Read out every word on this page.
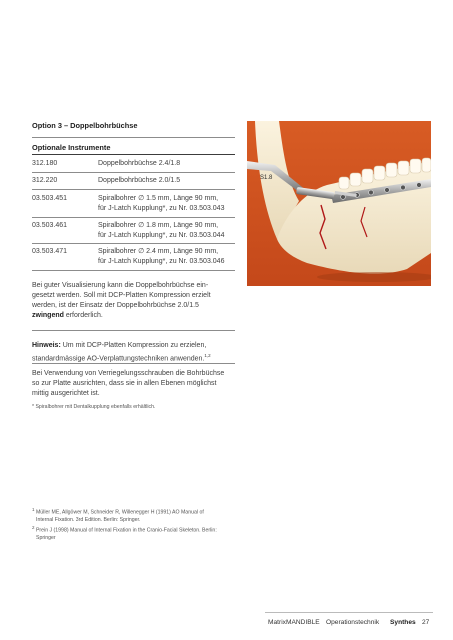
Option 3 – Doppelbohrbüchse
Optionale Instrumente
312.180	Doppelbohrbüchse 2.4/1.8
312.220	Doppelbohrbüchse 2.0/1.5
03.503.451	Spiralbohrer ∅ 1.5 mm, Länge 90 mm,
für J-Latch Kupplung*, zu Nr. 03.503.043
03.503.461	Spiralbohrer ∅ 1.8 mm, Länge 90 mm,
für J-Latch Kupplung*, zu Nr. 03.503.044
03.503.471	Spiralbohrer ∅ 2.4 mm, Länge 90 mm,
für J-Latch Kupplung*, zu Nr. 03.503.046
Bei guter Visualisierung kann die Doppelbohrbüchse ein-
gesetzt werden. Soll mit DCP-Platten Kompression erzielt
werden, ist der Einsatz der Doppelbohrbüchse 2.0/1.5
zwingend erforderlich.
Hinweis: Um mit DCP-Platten Kompression zu erzielen,
standardmässige AO-Verplattungstechniken anwenden.$^{1,2}$
Bei Verwendung von Verriegelungsschrauben die Bohrbüchse
so zur Platte ausrichten, dass sie in allen Ebenen möglichst
mittig ausgerichtet ist.
* Spiralbohrer mit Dentalkupplung ebenfalls erhältlich.
1 Müller ME, Allgöwer M, Schneider R, Willenegger H (1991) AO Manual of
Internal Fixation. 3rd Edition. Berlin: Springer.
2 Prein J (1998) Manual of Internal Fixation in the Cranio-Facial Skeleton. Berlin:
Springer
S1.8
MatrixMANDIBLE Operationstechnik Synthes 27
